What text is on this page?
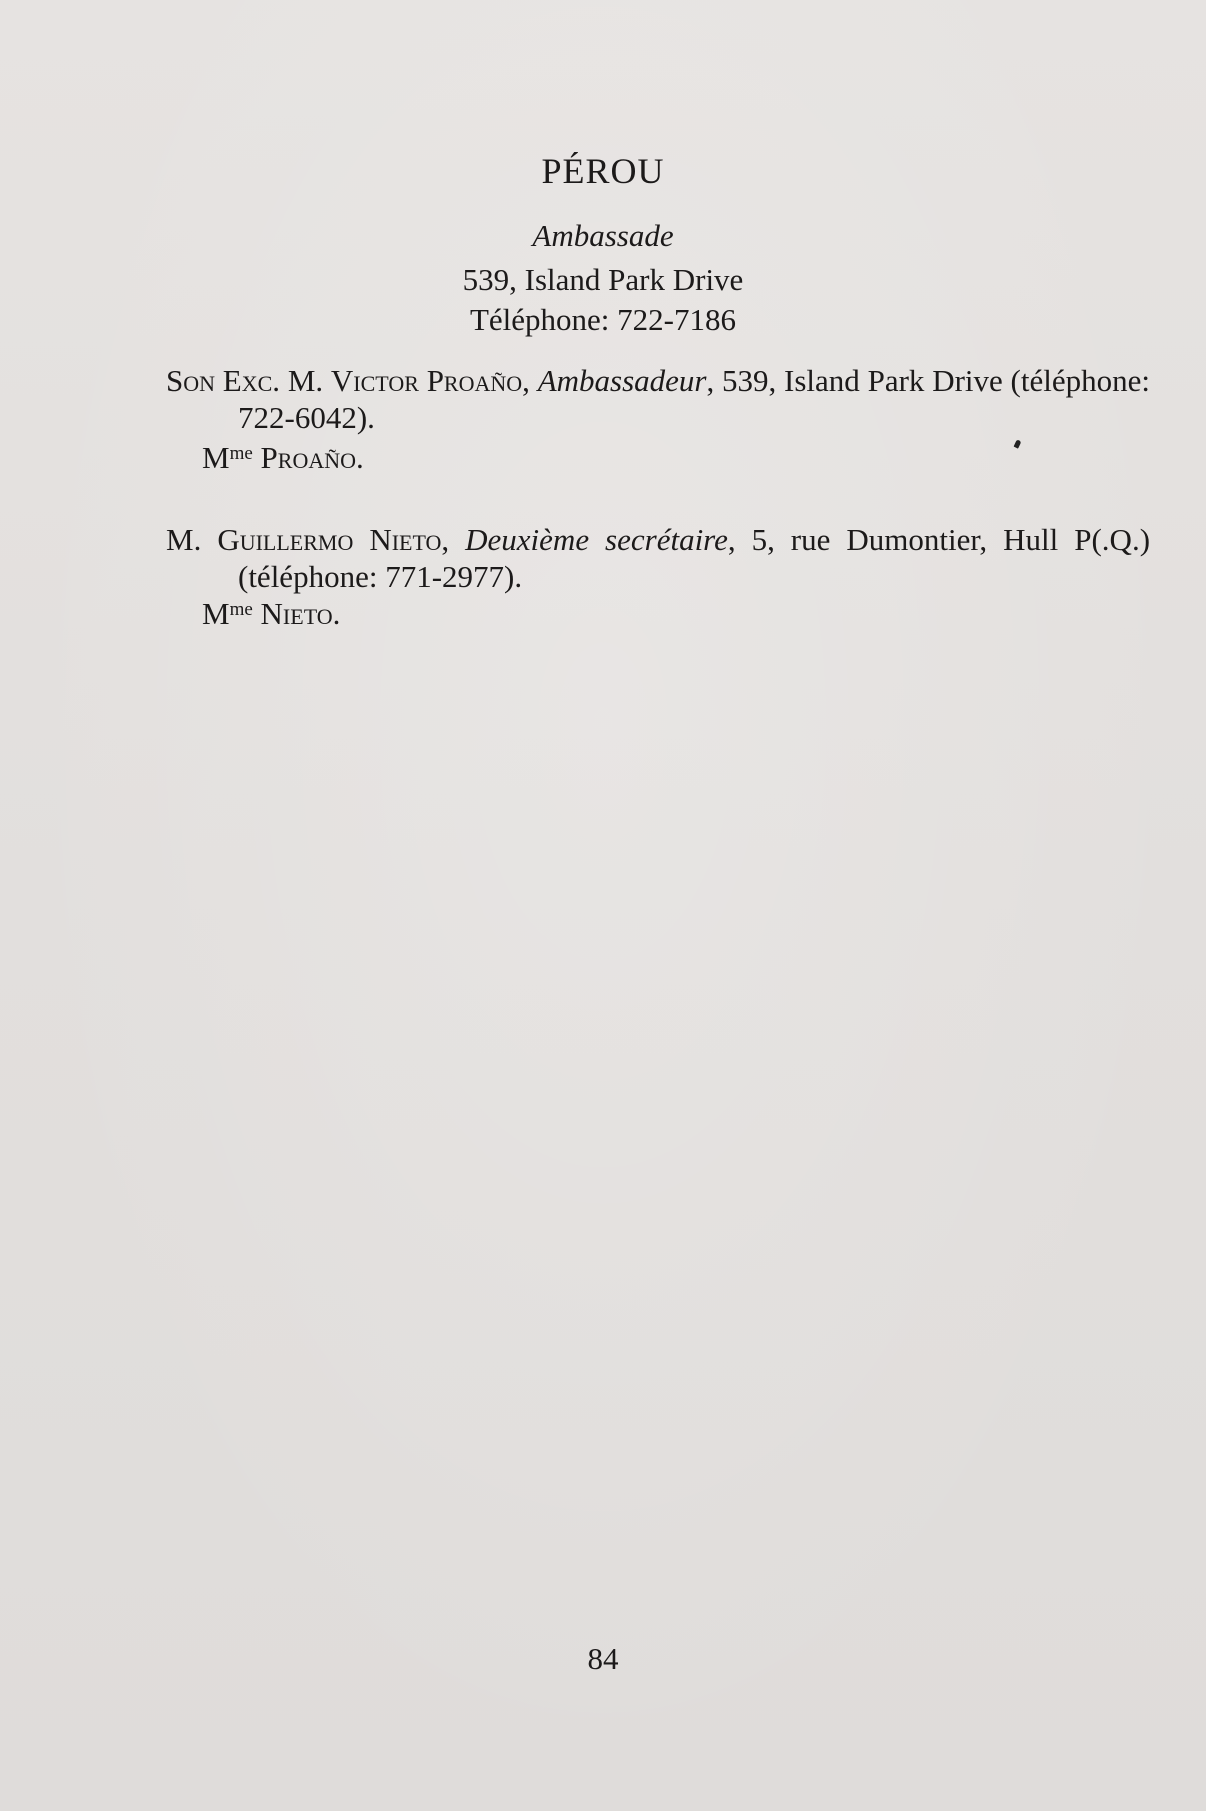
PÉROU
Ambassade
539, Island Park Drive
Téléphone: 722-7186
Son Exc. M. Victor Proaño, Ambassadeur, 539, Island Park Drive (téléphone: 722-6042).
$M^{me}$ Proaño.
M. Guillermo Nieto, Deuxième secrétaire, 5, rue Dumontier, Hull P(.Q.) (téléphone: 771-2977).
$M^{me}$ Nieto.
84
